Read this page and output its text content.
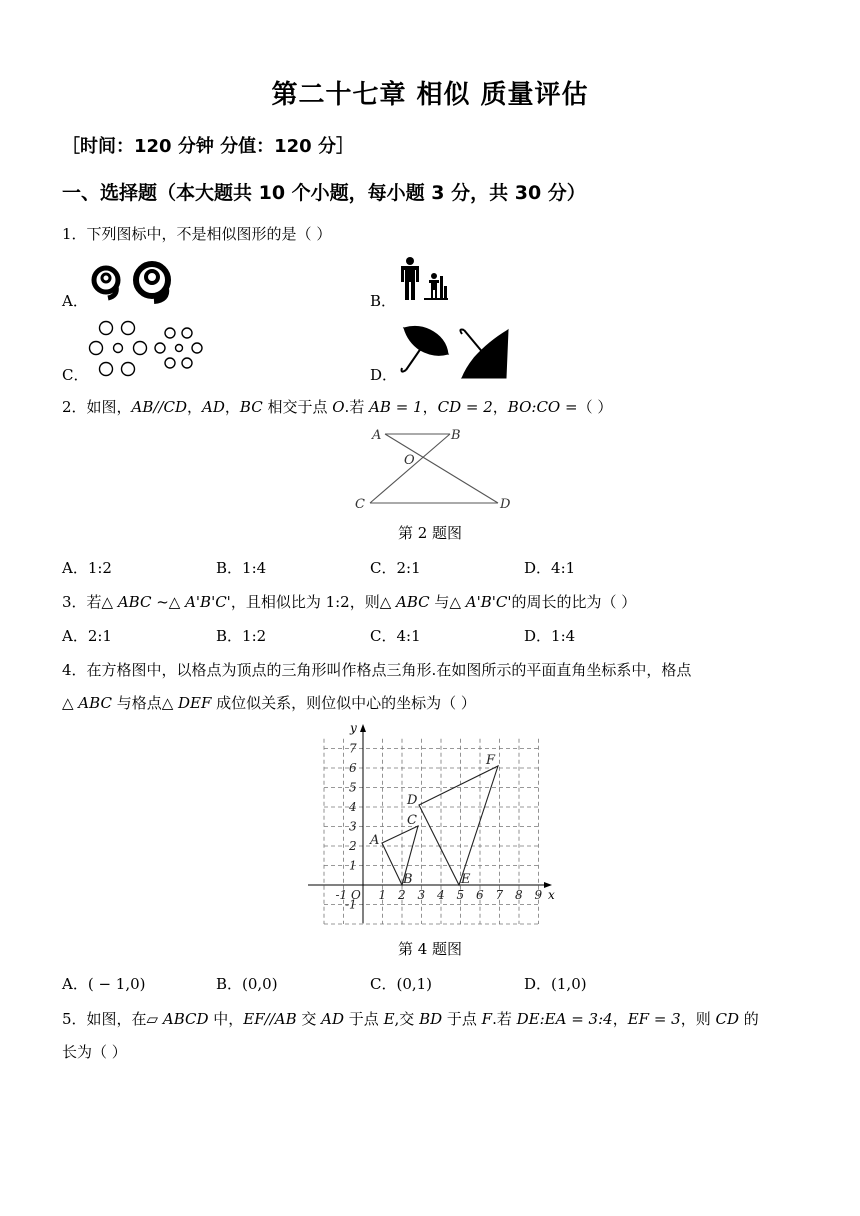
第二十七章 相似 质量评估
［时间：120 分钟 分值：120 分］
一、选择题（本大题共 10 个小题，每小题 3 分，共 30 分）
1．下列图标中，不是相似图形的是（ ）
A．	B．
C．	D．
2．如图，AB//CD，AD，BC 相交于点 O.若 AB = 1，CD = 2，BO:CO =（ ）
A	B
O
C	D
第 2 题图
A．1:2	B．1:4	C．2:1	D．4:1
3．若△ ABC ~△ A'B'C'，且相似比为 1:2，则△ ABC 与△ A'B'C'的周长的比为（ ）
A．2:1	B．1:2	C．4:1	D．1:4
4．在方格图中，以格点为顶点的三角形叫作格点三角形.在如图所示的平面直角坐标系中，格点
△ ABC 与格点△ DEF 成位似关系，则位似中心的坐标为（ ）
-1 O 1 2 3 4 5 6 7 8 9
7
6
5
4
3
2
1
-1
x
y
A
B
C
D
E
F
第 4 题图
A．( − 1,0)	B．(0,0)	C．(0,1)	D．(1,0)
5．如图，在▱ ABCD 中，EF//AB 交 AD 于点 E,交 BD 于点 F.若 DE:EA = 3:4，EF = 3，则 CD 的
长为（ ）
